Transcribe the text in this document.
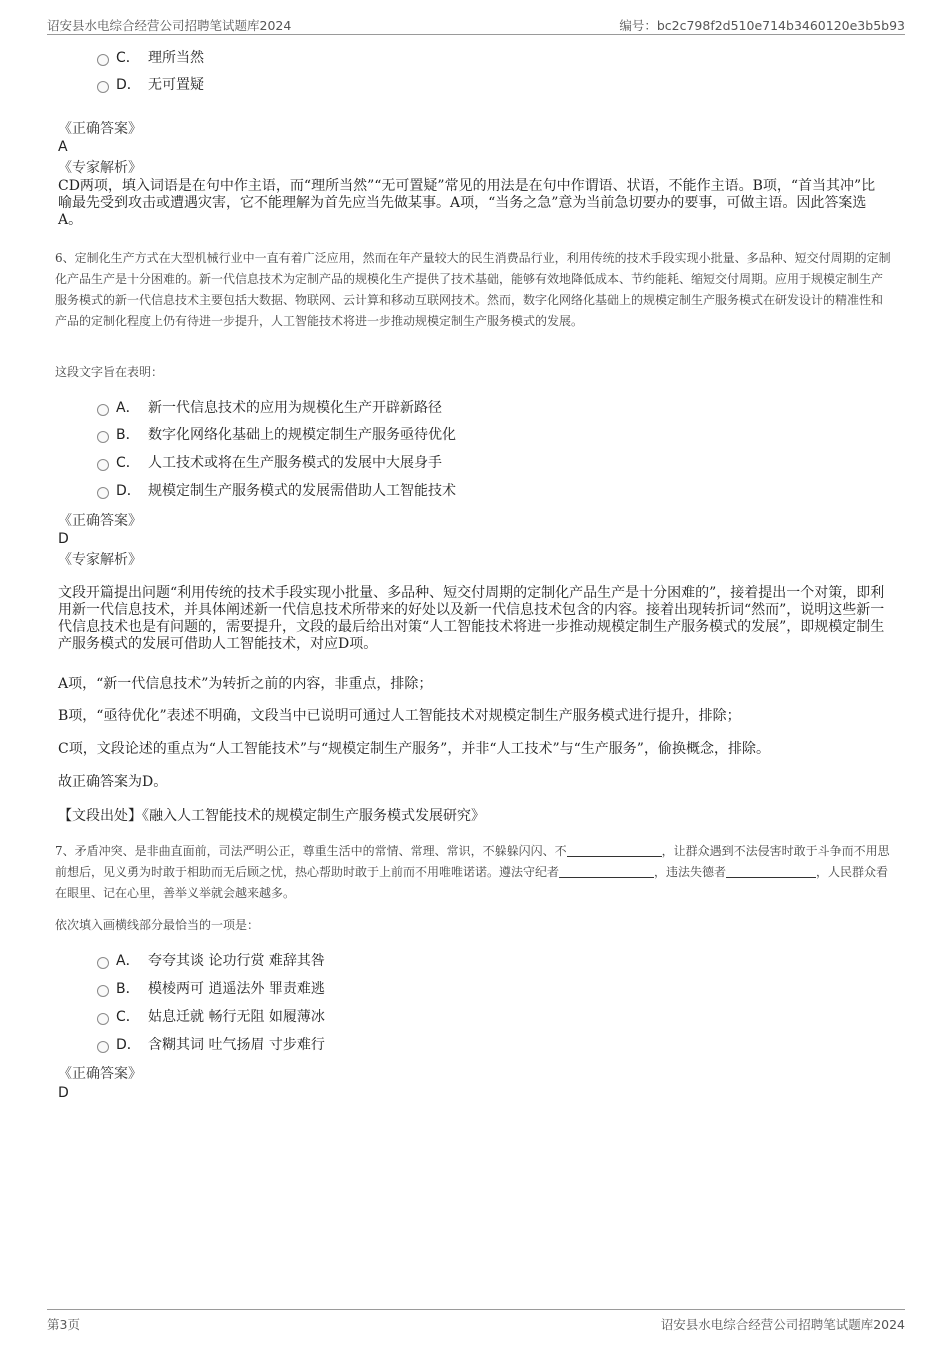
诏安县水电综合经营公司招聘笔试题库2024	编号：bc2c798f2d510e714b3460120e3b5b93
C． 理所当然
D． 无可置疑
《正确答案》
A
《专家解析》
CD两项，填入词语是在句中作主语，而“理所当然”“无可置疑”常见的用法是在句中作谓语、状语，不能作主语。B项，“首当其冲”比喻最先受到攻击或遭遇灾害，它不能理解为首先应当先做某事。A项，“当务之急”意为当前急切要办的要事，可做主语。因此答案选A。
6、定制化生产方式在大型机械行业中一直有着广泛应用，然而在年产量较大的民生消费品行业，利用传统的技术手段实现小批量、多品种、短交付周期的定制化产品生产是十分困难的。新一代信息技术为定制产品的规模化生产提供了技术基础，能够有效地降低成本、节约能耗、缩短交付周期。应用于规模定制生产服务模式的新一代信息技术主要包括大数据、物联网、云计算和移动互联网技术。然而，数字化网络化基础上的规模定制生产服务模式在研发设计的精准性和产品的定制化程度上仍有待进一步提升，人工智能技术将进一步推动规模定制生产服务模式的发展。
这段文字旨在表明：
A． 新一代信息技术的应用为规模化生产开辟新路径
B． 数字化网络化基础上的规模定制生产服务亟待优化
C． 人工技术或将在生产服务模式的发展中大展身手
D． 规模定制生产服务模式的发展需借助人工智能技术
《正确答案》
D
《专家解析》
文段开篇提出问题“利用传统的技术手段实现小批量、多品种、短交付周期的定制化产品生产是十分困难的”，接着提出一个对策，即利用新一代信息技术，并具体阐述新一代信息技术所带来的好处以及新一代信息技术包含的内容。接着出现转折词“然而”，说明这些新一代信息技术也是有问题的，需要提升，文段的最后给出对策“人工智能技术将进一步推动规模定制生产服务模式的发展”，即规模定制生产服务模式的发展可借助人工智能技术，对应D项。
A项，“新一代信息技术”为转折之前的内容，非重点，排除；
B项，“亟待优化”表述不明确，文段当中已说明可通过人工智能技术对规模定制生产服务模式进行提升，排除；
C项，文段论述的重点为“人工智能技术”与“规模定制生产服务”，并非“人工技术”与“生产服务”，偷换概念，排除。
故正确答案为D。
【文段出处】《融入人工智能技术的规模定制生产服务模式发展研究》
7、矛盾冲突、是非曲直面前，司法严明公正，尊重生活中的常情、常理、常识，不躲躲闪闪、不	，让群众遇到不法侵害时敢于斗争而不用思前想后，见义勇为时敢于相助而无后顾之忧，热心帮助时敢于上前而不用唯唯诺诺。遵法守纪者	，违法失德者	，人民群众看在眼里、记在心里，善举义举就会越来越多。
依次填入画横线部分最恰当的一项是：
A． 夸夸其谈 论功行赏 难辞其咎
B． 模棱两可 逍遥法外 罪责难逃
C． 姑息迁就 畅行无阻 如履薄冰
D． 含糊其词 吐气扬眉 寸步难行
《正确答案》
D
第3页	诏安县水电综合经营公司招聘笔试题库2024
